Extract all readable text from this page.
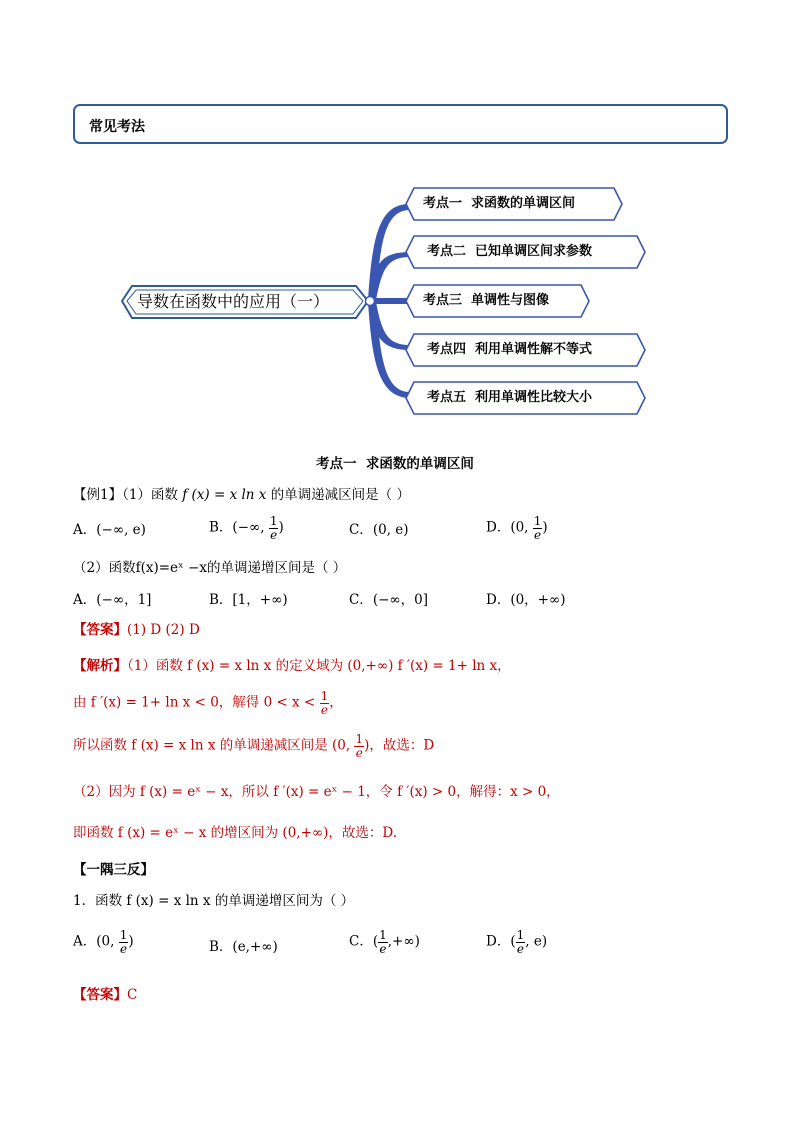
常见考法
导数在函数中的应用（一）
考点一  求函数的单调区间
考点二  已知单调区间求参数
考点三  单调性与图像
考点四  利用单调性解不等式
考点五  利用单调性比较大小
考点一  求函数的单调区间
【例1】（1）函数 f (x) = x ln x 的单调递减区间是（ ）
A．(−∞, e)	B．(−∞, $\frac{1}{e}$ )	C．(0, e)	D．(0, $\frac{1}{e}$ )
（2）函数f(x)=eˣ −x的单调递增区间是（ ）
A．(−∞，1]	B．[1，+∞)	C．(−∞，0]	D．(0，+∞)
【答案】(1) D (2) D
【解析】（1）函数 f (x) = x ln x 的定义域为 (0,+∞) f ′(x) = 1+ ln x，
由 f ′(x) = 1+ ln x < 0，解得 $0 < x < \frac{1}{e}$ ，
所以函数 f (x) = x ln x 的单调递减区间是 (0, $\frac{1}{e}$ )，故选：D
（2）因为 f (x) = eˣ − x，所以 f ′(x) = eˣ − 1，令 f ′(x) > 0，解得：x > 0，
即函数 f (x) = eˣ − x 的增区间为 (0,+∞)，故选：D.
【一隅三反】
1．函数 f (x) = x ln x 的单调递增区间为（ ）
A．(0, $\frac{1}{e}$ )	B．(e,+∞)	C．( $\frac{1}{e}$ ,+∞)	D．( $\frac{1}{e}$ , e)
【答案】C
